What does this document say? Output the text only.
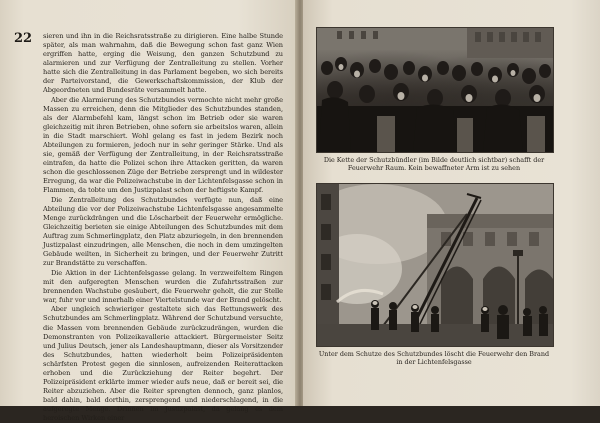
22 sieren und ihn in die Reichsratsstraße zu dirigieren. Eine halbe Stunde später, als man wahrnahm, daß die Bewegung schon fast ganz Wien ergriffen hatte, erging die Weisung, den ganzen Schutzbund zu alarmieren und zur Verfügung der Zentralleitung zu stellen. Vorher hatte sich die Zentralleitung in das Parlament begeben, wo sich bereits der Parteivorstand, die Gewerkschaftskommission, der Klub der Abgeordneten und Bundesräte versammelt hatte.

Aber die Alarmierung des Schutzbundes vermochte nicht mehr große Massen zu erreichen, denn die Mitglieder des Schutzbundes standen, als der Alarmbefehl kam, längst schon im Betrieb oder sie waren gleichzeitig mit ihren Betrieben, ohne sofern sie arbeitslos waren, allein in die Stadt marschiert. Wohl gelang es fast in jedem Bezirk noch Abteilungen zu formieren, jedoch nur in sehr geringer Stärke. Und als sie, gemäß der Verfügung der Zentralleitung, in der Reichsratsstraße eintrafen, da hatte die Polizei schon ihre Attacken geritten, da waren schon die geschlossenen Züge der Betriebe zersprengt und in wildester Erregung, da war die Polizeiwachstube in der Lichtenfelsgasse schon in Flammen, da tobte um den Justizpalast schon der heftigste Kampf.

Die Zentralleitung des Schutzbundes verfügte nun, daß eine Abteilung die vor der Polizeiwachstube Lichtenfelsgasse angesammelte Menge zurückdrängen und die Löscharbeit der Feuerwehr ermögliche. Gleichzeitig berieten sie einige Abteilungen des Schutzbundes mit dem Auftrag zum Schmerlingplatz, den Platz abzuriegeln, in den brennenden Justizpalast einzudringen, alle Menschen, die noch in dem umzingelten Gebäude weilten, in Sicherheit zu bringen, und der Feuerwehr Zutritt zur Brandstätte zu verschaffen.

Die Aktion in der Lichtenfelsgasse gelang. In verzweifeltem Ringen mit den aufgeregten Menschen wurden die Zufahrtsstraßen zur brennenden Wachstube gesäubert, die Feuerwehr geholt, die zur Stelle war, fuhr vor und innerhalb einer Viertelstunde war der Brand gelöscht.

Aber ungleich schwieriger gestaltete sich das Rettungswerk des Schutzbundes am Schmerlingplatz. Während der Schutzbund versuchte, die Massen vom brennenden Gebäude zurückzudrängen, wurden die Demonstranten von Polizeikavallerie attackiert. Bürgermeister Seitz und Julius Deutsch, jener als Landeshauptmann, dieser als Vorsitzender des Schutzbundes, hatten wiederholt beim Polizeipräsidenten schärfsten Protest gegen die sinnlosen, aufreizenden Reiterattacken erhoben und die Zurückziehung der Reiter begehrt. Der Polizeipräsident erklärte immer wieder aufs neue, daß er bereit sei, die Reiter abzuziehen. Aber die Reiter sprengten dennoch, ganz planlos, bald dahin, bald dorthin, zersprengend und niederschlagend, in die aufgeregte Menge. Drinnen im Justizpalast, da gelang es dem heroischen Wirken einer

Die Kette der Schutzbündler (im Bilde deutlich sichtbar) schafft der Feuerwehr Raum. Kein bewaffneter Arm ist zu sehen
Unter dem Schutze des Schutzbundes löscht die Feuerwehr den Brand in der Lichtenfelsgasse
